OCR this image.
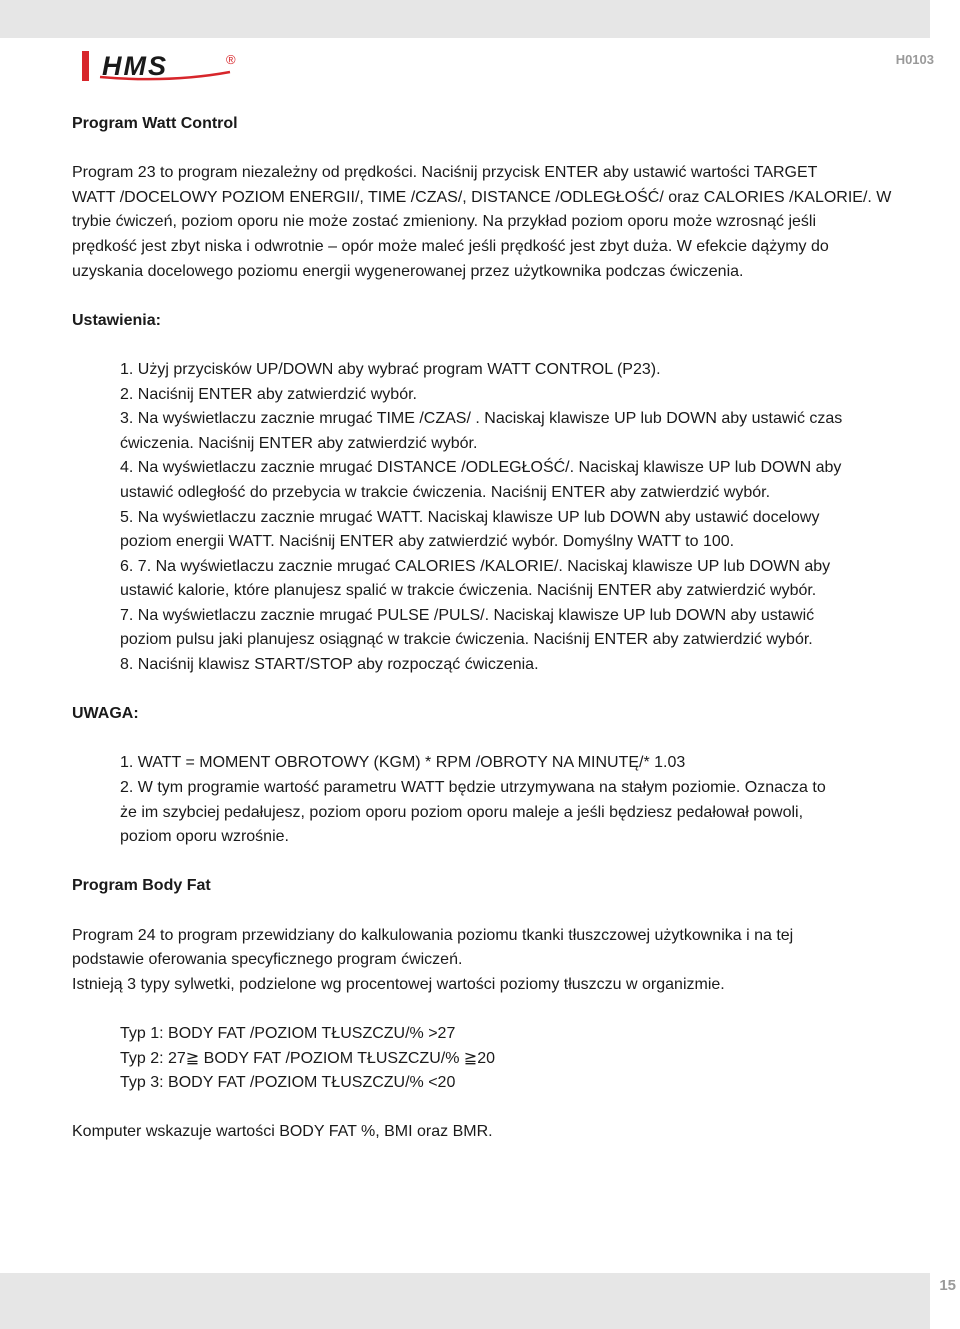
HMS	®	H0103

Program Watt Control

Program 23 to program niezależny od prędkości. Naciśnij przycisk ENTER aby ustawić wartości TARGET

WATT /DOCELOWY POZIOM ENERGII/, TIME /CZAS/, DISTANCE /ODLEGŁOŚĆ/ oraz CALORIES /KALORIE/. W

trybie ćwiczeń, poziom oporu nie może zostać zmieniony. Na przykład poziom oporu może wzrosnąć jeśli

prędkość jest zbyt niska i odwrotnie – opór może maleć jeśli prędkość jest zbyt duża. W efekcie dążymy do

uzyskania docelowego poziomu energii wygenerowanej przez użytkownika podczas ćwiczenia.

Ustawienia:

1. Użyj przycisków UP/DOWN aby wybrać program WATT CONTROL (P23).

2. Naciśnij ENTER aby zatwierdzić wybór.

3. Na wyświetlaczu zacznie mrugać TIME /CZAS/ . Naciskaj klawisze UP lub DOWN aby ustawić czas

ćwiczenia. Naciśnij ENTER aby zatwierdzić wybór.

4. Na wyświetlaczu zacznie mrugać DISTANCE /ODLEGŁOŚĆ/. Naciskaj klawisze UP lub DOWN aby

ustawić odległość do przebycia w trakcie ćwiczenia. Naciśnij ENTER aby zatwierdzić wybór.

5. Na wyświetlaczu zacznie mrugać WATT. Naciskaj klawisze UP lub DOWN aby ustawić docelowy

poziom energii WATT. Naciśnij ENTER aby zatwierdzić wybór. Domyślny WATT to 100.

6. 7. Na wyświetlaczu zacznie mrugać CALORIES /KALORIE/. Naciskaj klawisze UP lub DOWN aby

ustawić kalorie, które planujesz spalić w trakcie ćwiczenia. Naciśnij ENTER aby zatwierdzić wybór.

7. Na wyświetlaczu zacznie mrugać PULSE /PULS/. Naciskaj klawisze UP lub DOWN aby ustawić

poziom pulsu jaki planujesz osiągnąć w trakcie ćwiczenia. Naciśnij ENTER aby zatwierdzić wybór.

8. Naciśnij klawisz START/STOP aby rozpocząć ćwiczenia.

UWAGA:

1. WATT = MOMENT OBROTOWY (KGM) * RPM /OBROTY NA MINUTĘ/* 1.03

2. W tym programie wartość parametru WATT będzie utrzymywana na stałym poziomie. Oznacza to

że im szybciej pedałujesz, poziom oporu poziom oporu maleje a jeśli będziesz pedałował powoli,

poziom oporu wzrośnie.

Program Body Fat

Program 24 to program przewidziany do kalkulowania poziomu tkanki tłuszczowej użytkownika i na tej

podstawie oferowania specyficznego program ćwiczeń.

Istnieją 3 typy sylwetki, podzielone wg procentowej wartości poziomy tłuszczu w organizmie.

Typ 1: BODY FAT /POZIOM TŁUSZCZU/% >27

Typ 2: 27≧ BODY FAT /POZIOM TŁUSZCZU/% ≧20

Typ 3: BODY FAT /POZIOM TŁUSZCZU/% <20

Komputer wskazuje wartości BODY FAT %, BMI oraz BMR.

15
